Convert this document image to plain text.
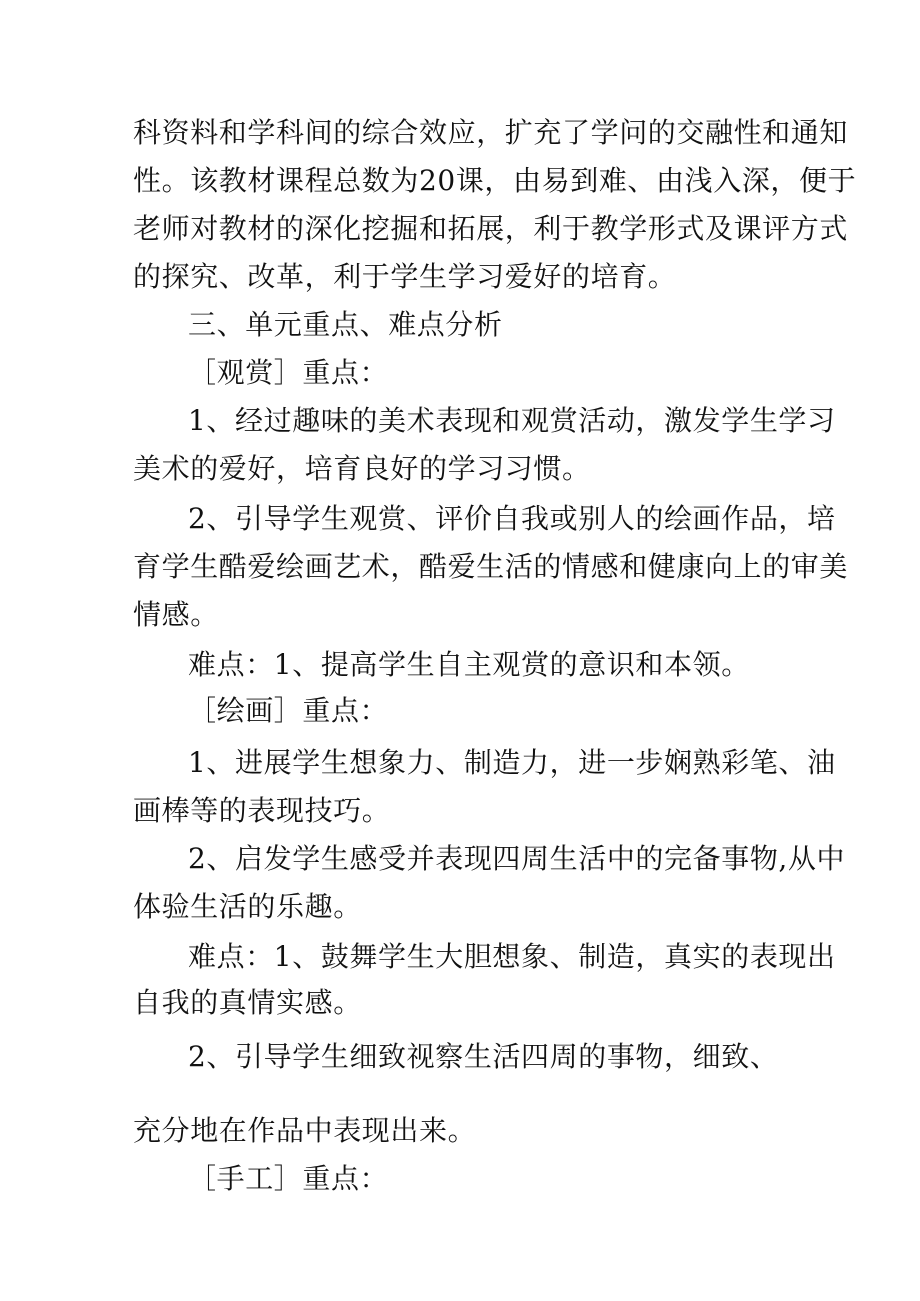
科资料和学科间的综合效应，扩充了学问的交融性和通知
性。该教材课程总数为20课，由易到难、由浅入深，便于
老师对教材的深化挖掘和拓展，利于教学形式及课评方式
的探究、改革，利于学生学习爱好的培育。
三、单元重点、难点分析
［观赏］重点：
1、经过趣味的美术表现和观赏活动，激发学生学习
美术的爱好，培育良好的学习习惯。
2、引导学生观赏、评价自我或别人的绘画作品，培
育学生酷爱绘画艺术，酷爱生活的情感和健康向上的审美
情感。
难点：1、提高学生自主观赏的意识和本领。
［绘画］重点：
1、进展学生想象力、制造力，进一步娴熟彩笔、油
画棒等的表现技巧。
2、启发学生感受并表现四周生活中的完备事物,从中
体验生活的乐趣。
难点：1、鼓舞学生大胆想象、制造，真实的表现出
自我的真情实感。
2、引导学生细致视察生活四周的事物，细致、
充分地在作品中表现出来。
［手工］重点：
